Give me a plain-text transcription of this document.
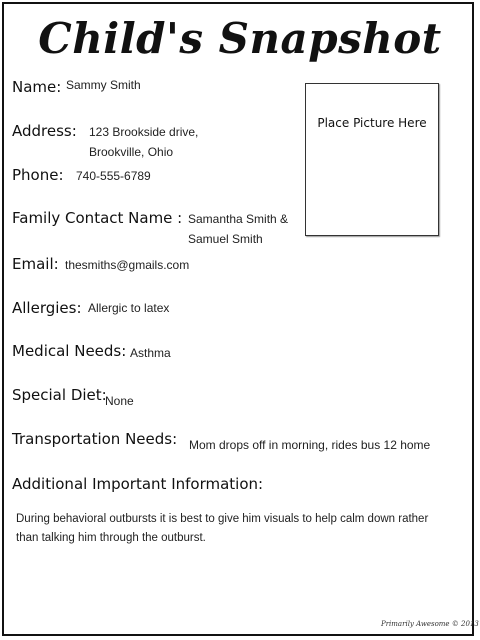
Child's Snapshot
Name: Sammy Smith
Address: 123 Brookside drive,
Brookville, Ohio
Phone: 740-555-6789
Family Contact Name : Samantha Smith &
Samuel Smith
Email: thesmiths@gmails.com
Allergies: Allergic to latex
Medical Needs: Asthma
Special Diet:
None
Transportation Needs: Mom drops off in morning, rides bus 12 home
Additional Important Information:
During behavioral outbursts it is best to give him visuals to help calm down rather than talking him through the outburst.
Place Picture Here
Primarily Awesome © 2013
